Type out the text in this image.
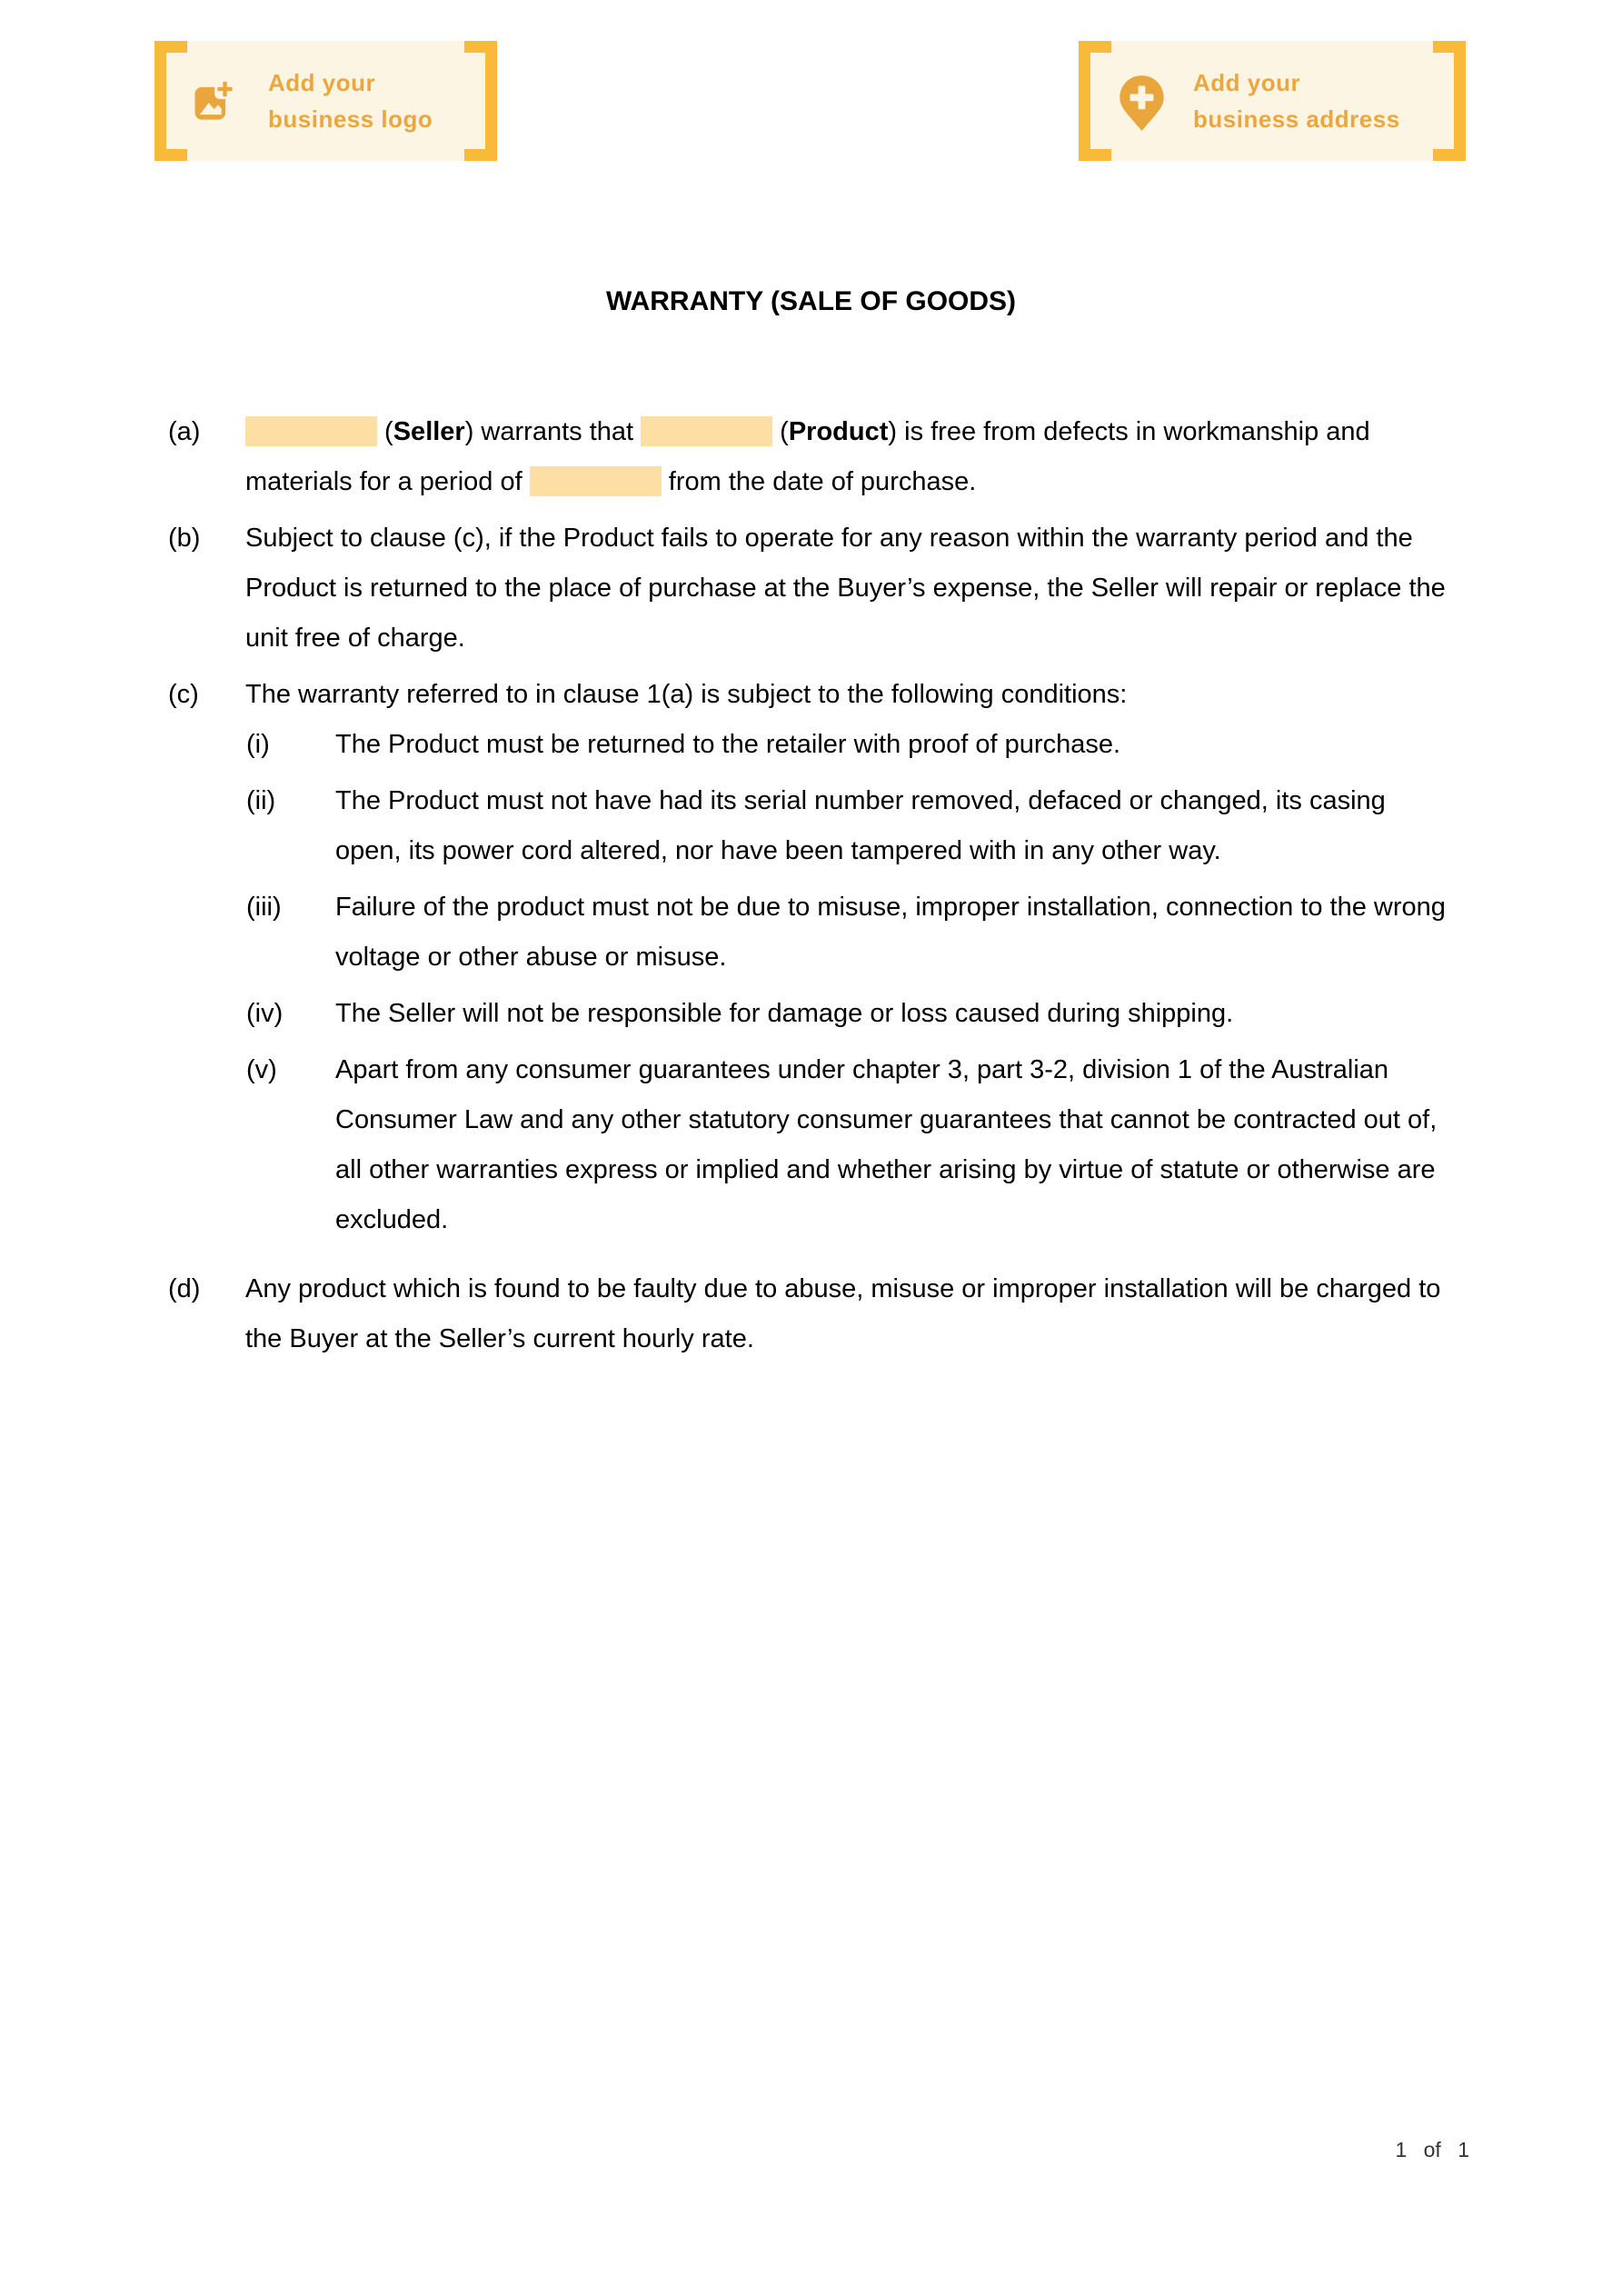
Add your
business logo
Add your
business address
WARRANTY (SALE OF GOODS)
(a)	(Seller) warrants that	(Product) is free from defects in workmanship and materials for a period of	from the date of purchase.

(b)	Subject to clause (c), if the Product fails to operate for any reason within the warranty period and the Product is returned to the place of purchase at the Buyer’s expense, the Seller will repair or replace the unit free of charge.

(c)	The warranty referred to in clause 1(a) is subject to the following conditions:

(i)	The Product must be returned to the retailer with proof of purchase.

(ii)	The Product must not have had its serial number removed, defaced or changed, its casing open, its power cord altered, nor have been tampered with in any other way.

(iii)	Failure of the product must not be due to misuse, improper installation, connection to the wrong voltage or other abuse or misuse.

(iv)	The Seller will not be responsible for damage or loss caused during shipping.

(v)	Apart from any consumer guarantees under chapter 3, part 3-2, division 1 of the Australian Consumer Law and any other statutory consumer guarantees that cannot be contracted out of, all other warranties express or implied and whether arising by virtue of statute or otherwise are excluded.

(d)	Any product which is found to be faulty due to abuse, misuse or improper installation will be charged to the Buyer at the Seller’s current hourly rate.

1 of 1
